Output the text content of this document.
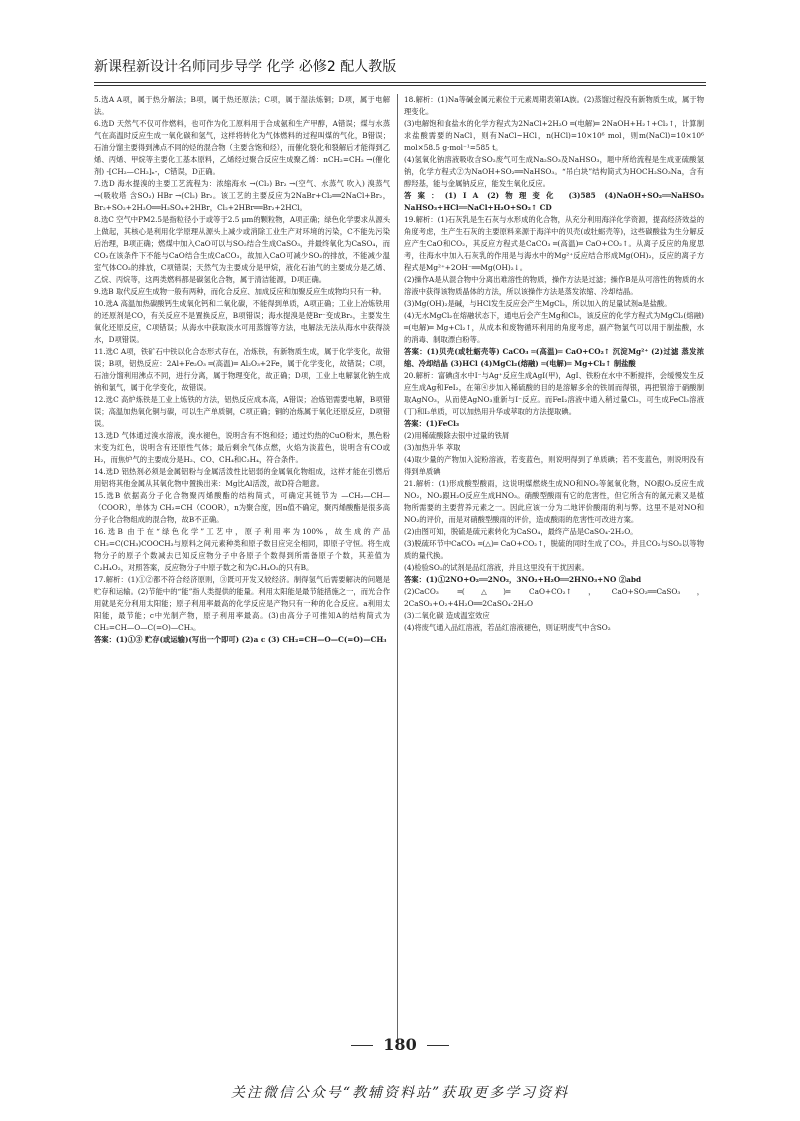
新课程新设计名师同步导学 化学 必修2 配人教版

5.选A A项，属于热分解法；B项，属于热还原法；C项，属于湿法炼铜；D项，属于电解法。

6.选D 天然气不仅可作燃料，也可作为化工原料用于合成氨和生产甲醇，A错误；煤与水蒸气在高温时反应生成一氧化碳和氢气，这样将转化为气体燃料的过程叫煤的气化，B错误；石油分馏主要得到沸点不同的烃的混合物（主要含饱和烃），而催化裂化和裂解后才能得到乙烯、丙烯、甲烷等主要化工基本原料，乙烯经过聚合反应生成聚乙烯：nCH₂=CH₂ →(催化剂) -[CH₂—CH₂]ₙ-，C错误，D正确。

7.选D 海水提溴的主要工艺流程为：浓缩海水 →(Cl₂) Br₂ →(空气、水蒸气 吹入) 溴蒸气 →(吸收塔 含SO₂) HBr →(Cl₂) Br₂。该工艺的主要反应为2NaBr+Cl₂══2NaCl+Br₂，Br₂+SO₂+2H₂O══H₂SO₄+2HBr，Cl₂+2HBr══Br₂+2HCl。

8.选C 空气中PM2.5是指粒径小于或等于2.5 μm的颗粒物，A项正确；绿色化学要求从源头上做起，其核心是利用化学原理从源头上减少或消除工业生产对环境的污染，C不能先污染后治理，B项正确；燃煤中加入CaO可以与SO₂结合生成CaSO₃，并最终氧化为CaSO₄，而CO₂在该条件下不能与CaO结合生成CaCO₃，故加入CaO可减少SO₂的排放，不能减少温室气体CO₂的排放，C项错误；天然气为主要成分是甲烷，液化石油气的主要成分是乙烯、乙烷、丙烷等，这两类燃料都是碳氢化合物，属于清洁能源，D项正确。

9.选B 取代反应生成物一般有两种，而化合反应、加成反应和加聚反应生成物均只有一种。

10.选A 高温加热碳酸钙生成氧化钙和二氧化碳，不能得到单质，A项正确；工业上冶炼铁用的还原剂是CO，有关反应不是置换反应，B项错误；海水提溴是使Br⁻变成Br₂，主要发生氧化还原反应，C项错误；从海水中获取淡水可用蒸馏等方法，电解法无法从海水中获得淡水，D项错误。

11.选C A项，铁矿石中铁以化合态形式存在，冶炼铁，有新物质生成，属于化学变化，故错误；B项，铝热反应：2Al+Fe₂O₃ ═(高温)═ Al₂O₃+2Fe，属于化学变化，故错误；C项，石油分馏利用沸点不同，进行分离，属于物理变化，故正确；D项，工业上电解氯化钠生成钠和氯气，属于化学变化，故错误。

12.选C 高炉炼铁是工业上炼铁的方法，铝热反应成本高，A错误；冶炼铝需要电解，B项错误；高温加热氧化铜与碳，可以生产单质铜，C项正确；铜的冶炼属于氧化还原反应，D项错误。

13.选D 气体通过溴水溶液，溴水褪色，说明含有不饱和烃；通过灼热的CuO粉末，黑色粉末变为红色，说明含有还原性气体；最后剩余气体点燃，火焰为淡蓝色，说明含有CO或H₂，而焦炉气的主要成分是H₂、CO、CH₄和C₂H₄，符合条件。

14.选D 铝热剂必须是金属铝粉与金属活泼性比铝弱的金属氧化物组成，这样才能在引燃后用铝将其他金属从其氧化物中置换出来：Mg比Al活泼，故D符合题意。

15.选B 依据高分子化合物聚丙烯酸酯的结构简式，可确定其链节为 —CH₂—CH—（COOR），单体为 CH₂=CH（COOR），n为聚合度，因n值不确定，聚丙烯酸酯是很多高分子化合物组成的混合物，故B不正确。

16.选B 由于在“绿色化学”工艺中，原子利用率为100%，故生成的产品CH₂=C(CH₃)COOCH₃与原料之间元素种类和原子数目应完全相同，即原子守恒。将生成物分子的原子个数减去已知反应物分子中各原子个数得到所需备原子个数，其差值为C₂H₄O₂，对照答案，反应物分子中原子数之和为C₂H₄O₂的只有B。

17.解析：(1)①②都不符合经济原则，③既可开发又较经济。制得氢气后需要解决的问题是贮存和运输。(2)节能中的“能”指人类提供的能量。利用太阳能是最节能措施之一，而光合作用就是充分利用太阳能；原子利用率最高的化学反应是产物只有一种的化合反应。a利用太阳能，最节能；c中光制产物，原子利用率最高。(3)由高分子可推知A的结构简式为CH₂=CH—O—C(=O)—CH₃。

答案：(1)①③ 贮存(或运输)(写出一个即可) (2)a c (3) CH₂=CH—O—C(=O)—CH₃

18.解析：(1)Na等碱金属元素位于元素周期表第ⅠA族。(2)蒸馏过程没有新物质生成，属于物理变化。

(3)电解饱和食盐水的化学方程式为2NaCl+2H₂O ═(电解)═ 2NaOH+H₂↑+Cl₂↑，计算制求盐酸需要的NaCl，则有NaCl~HCl，n(HCl)=10×10⁶ mol，则m(NaCl)=10×10⁶ mol×58.5 g·mol⁻¹=585 t。

(4)氢氧化钠溶液吸收含SO₂废气可生成Na₂SO₃及NaHSO₃，题中所给流程是生成亚硫酸氢钠，化学方程式②为NaOH+SO₂══NaHSO₃。“吊白块”结构简式为HOCH₂SO₃Na，含有醇羟基，能与金属钠反应，能发生氧化反应。

答案：(1)ⅠA (2)物理变化 (3)585 (4)NaOH+SO₂══NaHSO₃ NaHSO₃+HCl══NaCl+H₂O+SO₂↑ CD

19.解析：(1)石灰乳是生石灰与水形成的化合物，从充分利用海洋化学资源，提高经济效益的角度考虑，生产生石灰的主要原料来源于海洋中的贝壳(或牡蛎壳等)，这些碳酸盐为生分解反应产生CaO和CO₂，其反应方程式是CaCO₃ ═(高温)═ CaO+CO₂↑。从离子反应的角度思考，往海水中加入石灰乳的作用是与海水中的Mg²⁺反应结合形成Mg(OH)₂，反应的离子方程式是Mg²⁺+2OH⁻══Mg(OH)₂↓。

(2)操作A是从混合物中分离出难溶性的物质，操作方法是过滤；操作B是从可溶性的物质的水溶液中获得该物质晶体的方法，所以该操作方法是蒸发浓缩、冷却结晶。

(3)Mg(OH)₂是碱，与HCl发生反应会产生MgCl₂，所以加入的足量试剂a是盐酸。

(4)无水MgCl₂在熔融状态下，通电后会产生Mg和Cl₂，该反应的化学方程式为MgCl₂(熔融) ═(电解)═ Mg+Cl₂↑，从成本和废物循环利用的角度考虑，副产物氯气可以用于制盐酸，水的消毒、制取漂白粉等。

答案：(1)贝壳(或牡蛎壳等) CaCO₃ ═(高温)═ CaO+CO₂↑ 沉淀Mg²⁺ (2)过滤 蒸发浓缩、冷却结晶 (3)HCl (4)MgCl₂(熔融) ═(电解)═ Mg+Cl₂↑ 制盐酸

20.解析：富碘卤水中I⁻与Ag⁺反应生成AgI(甲)，AgI、铁粉在水中不断搅拌，会缓慢发生反应生成Ag和FeI₂，在第④步加入稀硫酸的目的是溶解多余的铁屑而得银，再把银溶于硝酸制取AgNO₃，从而使AgNO₃重新与I⁻反应。而FeI₂溶液中通入稍过量Cl₂，可生成FeCl₃溶液(丁)和I₂单质，可以加热用升华或萃取的方法提取碘。

答案：(1)FeCl₃

(2)用稀硫酸除去银中过量的铁屑

(3)加热升华 萃取

(4)取少量的产物加入淀粉溶液，若变蓝色，则说明得到了单质碘；若不变蓝色，则说明没有得到单质碘

21.解析：(1)形成酸型酸雨，这说明煤燃烧生成NO和NO₂等氮氧化物，NO跟O₂反应生成NO₂，NO₂跟H₂O反应生成HNO₃。硝酸型酸雨有它的危害性，但它所含有的氮元素又是植物所需要的主要营养元素之一。因此应该一分为二地评价酸雨的利与弊。这里不是对NO和NO₂的评价，而是对硝酸型酸雨的评价，造成酸雨的危害性可改进方案。

(2)由图可知，脱硫是硫元素转化为CaSO₄，最终产品是CaSO₄·2H₂O。

(3)脱硫环节中CaCO₃ ═(△)═ CaO+CO₂↑，脱硫的同时生成了CO₂，并且CO₂与SO₂以等物质的量代换。

(4)检验SO₂的试剂是品红溶液，并且这里没有干扰因素。

答案：(1)①2NO+O₂══2NO₂，3NO₂+H₂O══2HNO₃+NO ②abd

(2)CaCO₃ ═(△)═ CaO+CO₂↑，CaO+SO₂══CaSO₃，2CaSO₃+O₂+4H₂O══2CaSO₄·2H₂O

(3)二氧化碳 造成温室效应

(4)将废气通入品红溶液，若品红溶液褪色，则证明废气中含SO₂

180
关注微信公众号“教辅资料站”获取更多学习资料
